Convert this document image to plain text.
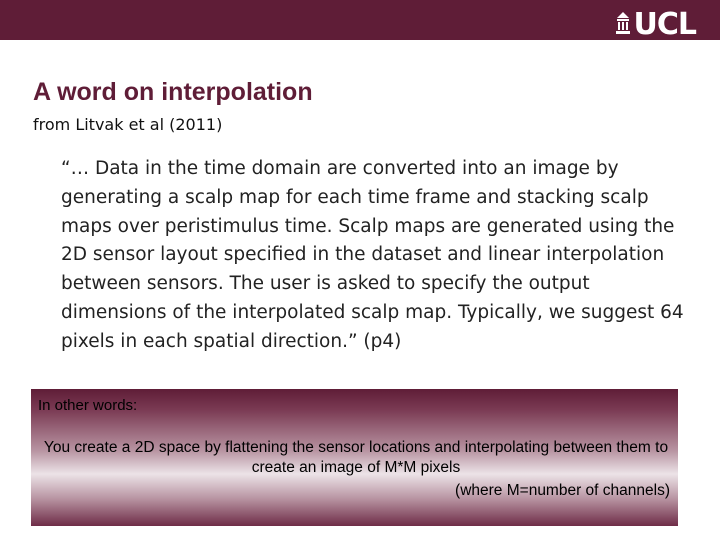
UCL
A word on interpolation
from Litvak et al (2011)
“… Data in the time domain are converted into an image by generating a scalp map for each time frame and stacking scalp maps over peristimulus time. Scalp maps are generated using the 2D sensor layout specified in the dataset and linear interpolation between sensors. The user is asked to specify the output dimensions of the interpolated scalp map. Typically, we suggest 64 pixels in each spatial direction.” (p4)
In other words:
You create a 2D space by flattening the sensor locations and interpolating between them to create an image of M*M pixels
(where M=number of channels)
